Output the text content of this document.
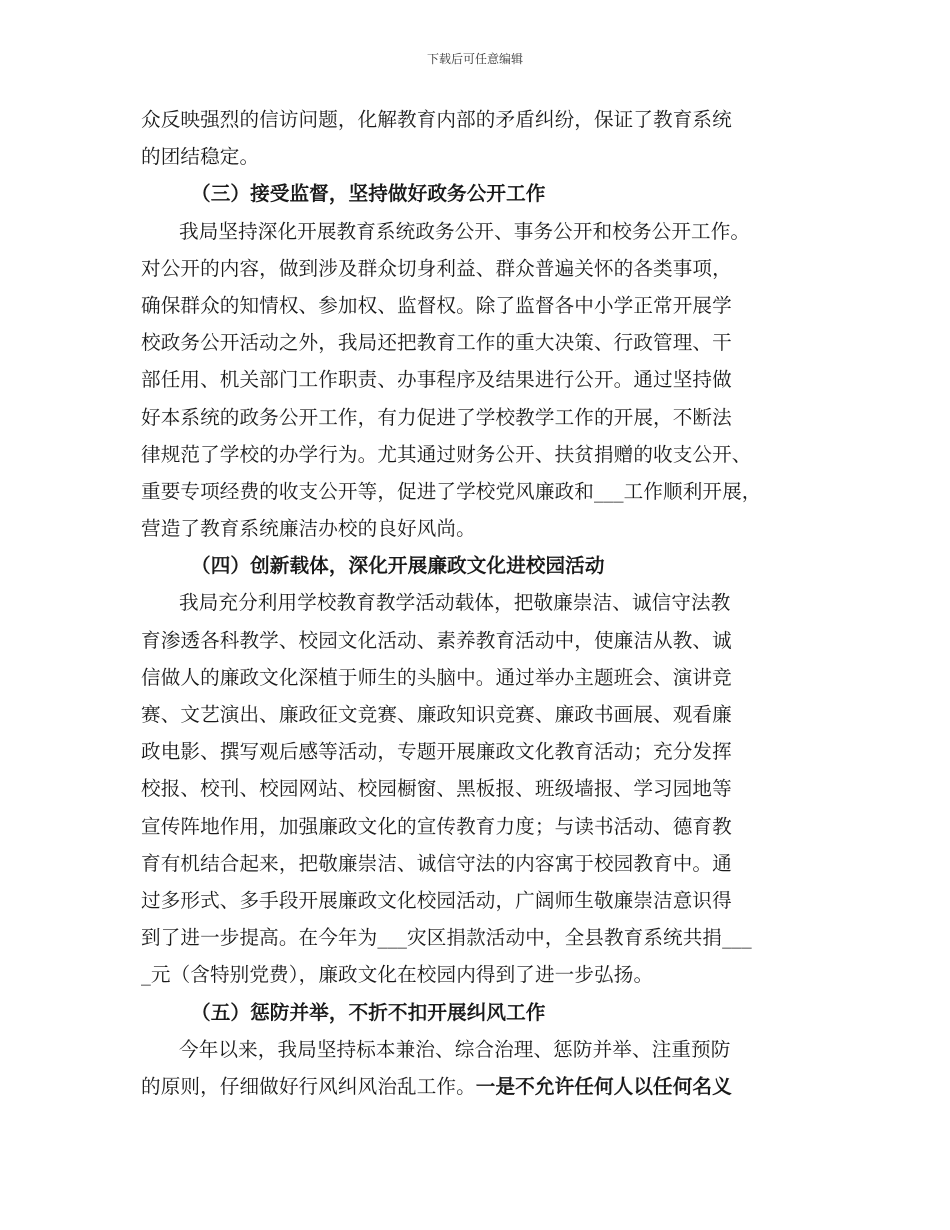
下载后可任意编辑
众反映强烈的信访问题，化解教育内部的矛盾纠纷，保证了教育系统
的团结稳定。
（三）接受监督，坚持做好政务公开工作
我局坚持深化开展教育系统政务公开、事务公开和校务公开工作。
对公开的内容，做到涉及群众切身利益、群众普遍关怀的各类事项，
确保群众的知情权、参加权、监督权。除了监督各中小学正常开展学
校政务公开活动之外，我局还把教育工作的重大决策、行政管理、干
部任用、机关部门工作职责、办事程序及结果进行公开。通过坚持做
好本系统的政务公开工作，有力促进了学校教学工作的开展，不断法
律规范了学校的办学行为。尤其通过财务公开、扶贫捐赠的收支公开、
重要专项经费的收支公开等，促进了学校党风廉政和___工作顺利开展，
营造了教育系统廉洁办校的良好风尚。
（四）创新载体，深化开展廉政文化进校园活动
我局充分利用学校教育教学活动载体，把敬廉崇洁、诚信守法教
育渗透各科教学、校园文化活动、素养教育活动中，使廉洁从教、诚
信做人的廉政文化深植于师生的头脑中。通过举办主题班会、演讲竞
赛、文艺演出、廉政征文竞赛、廉政知识竞赛、廉政书画展、观看廉
政电影、撰写观后感等活动，专题开展廉政文化教育活动；充分发挥
校报、校刊、校园网站、校园橱窗、黑板报、班级墙报、学习园地等
宣传阵地作用，加强廉政文化的宣传教育力度；与读书活动、德育教
育有机结合起来，把敬廉崇洁、诚信守法的内容寓于校园教育中。通
过多形式、多手段开展廉政文化校园活动，广阔师生敬廉崇洁意识得
到了进一步提高。在今年为___灾区捐款活动中，全县教育系统共捐___
_元（含特别党费），廉政文化在校园内得到了进一步弘扬。
（五）惩防并举，不折不扣开展纠风工作
今年以来，我局坚持标本兼治、综合治理、惩防并举、注重预防
的原则，仔细做好行风纠风治乱工作。一是不允许任何人以任何名义
